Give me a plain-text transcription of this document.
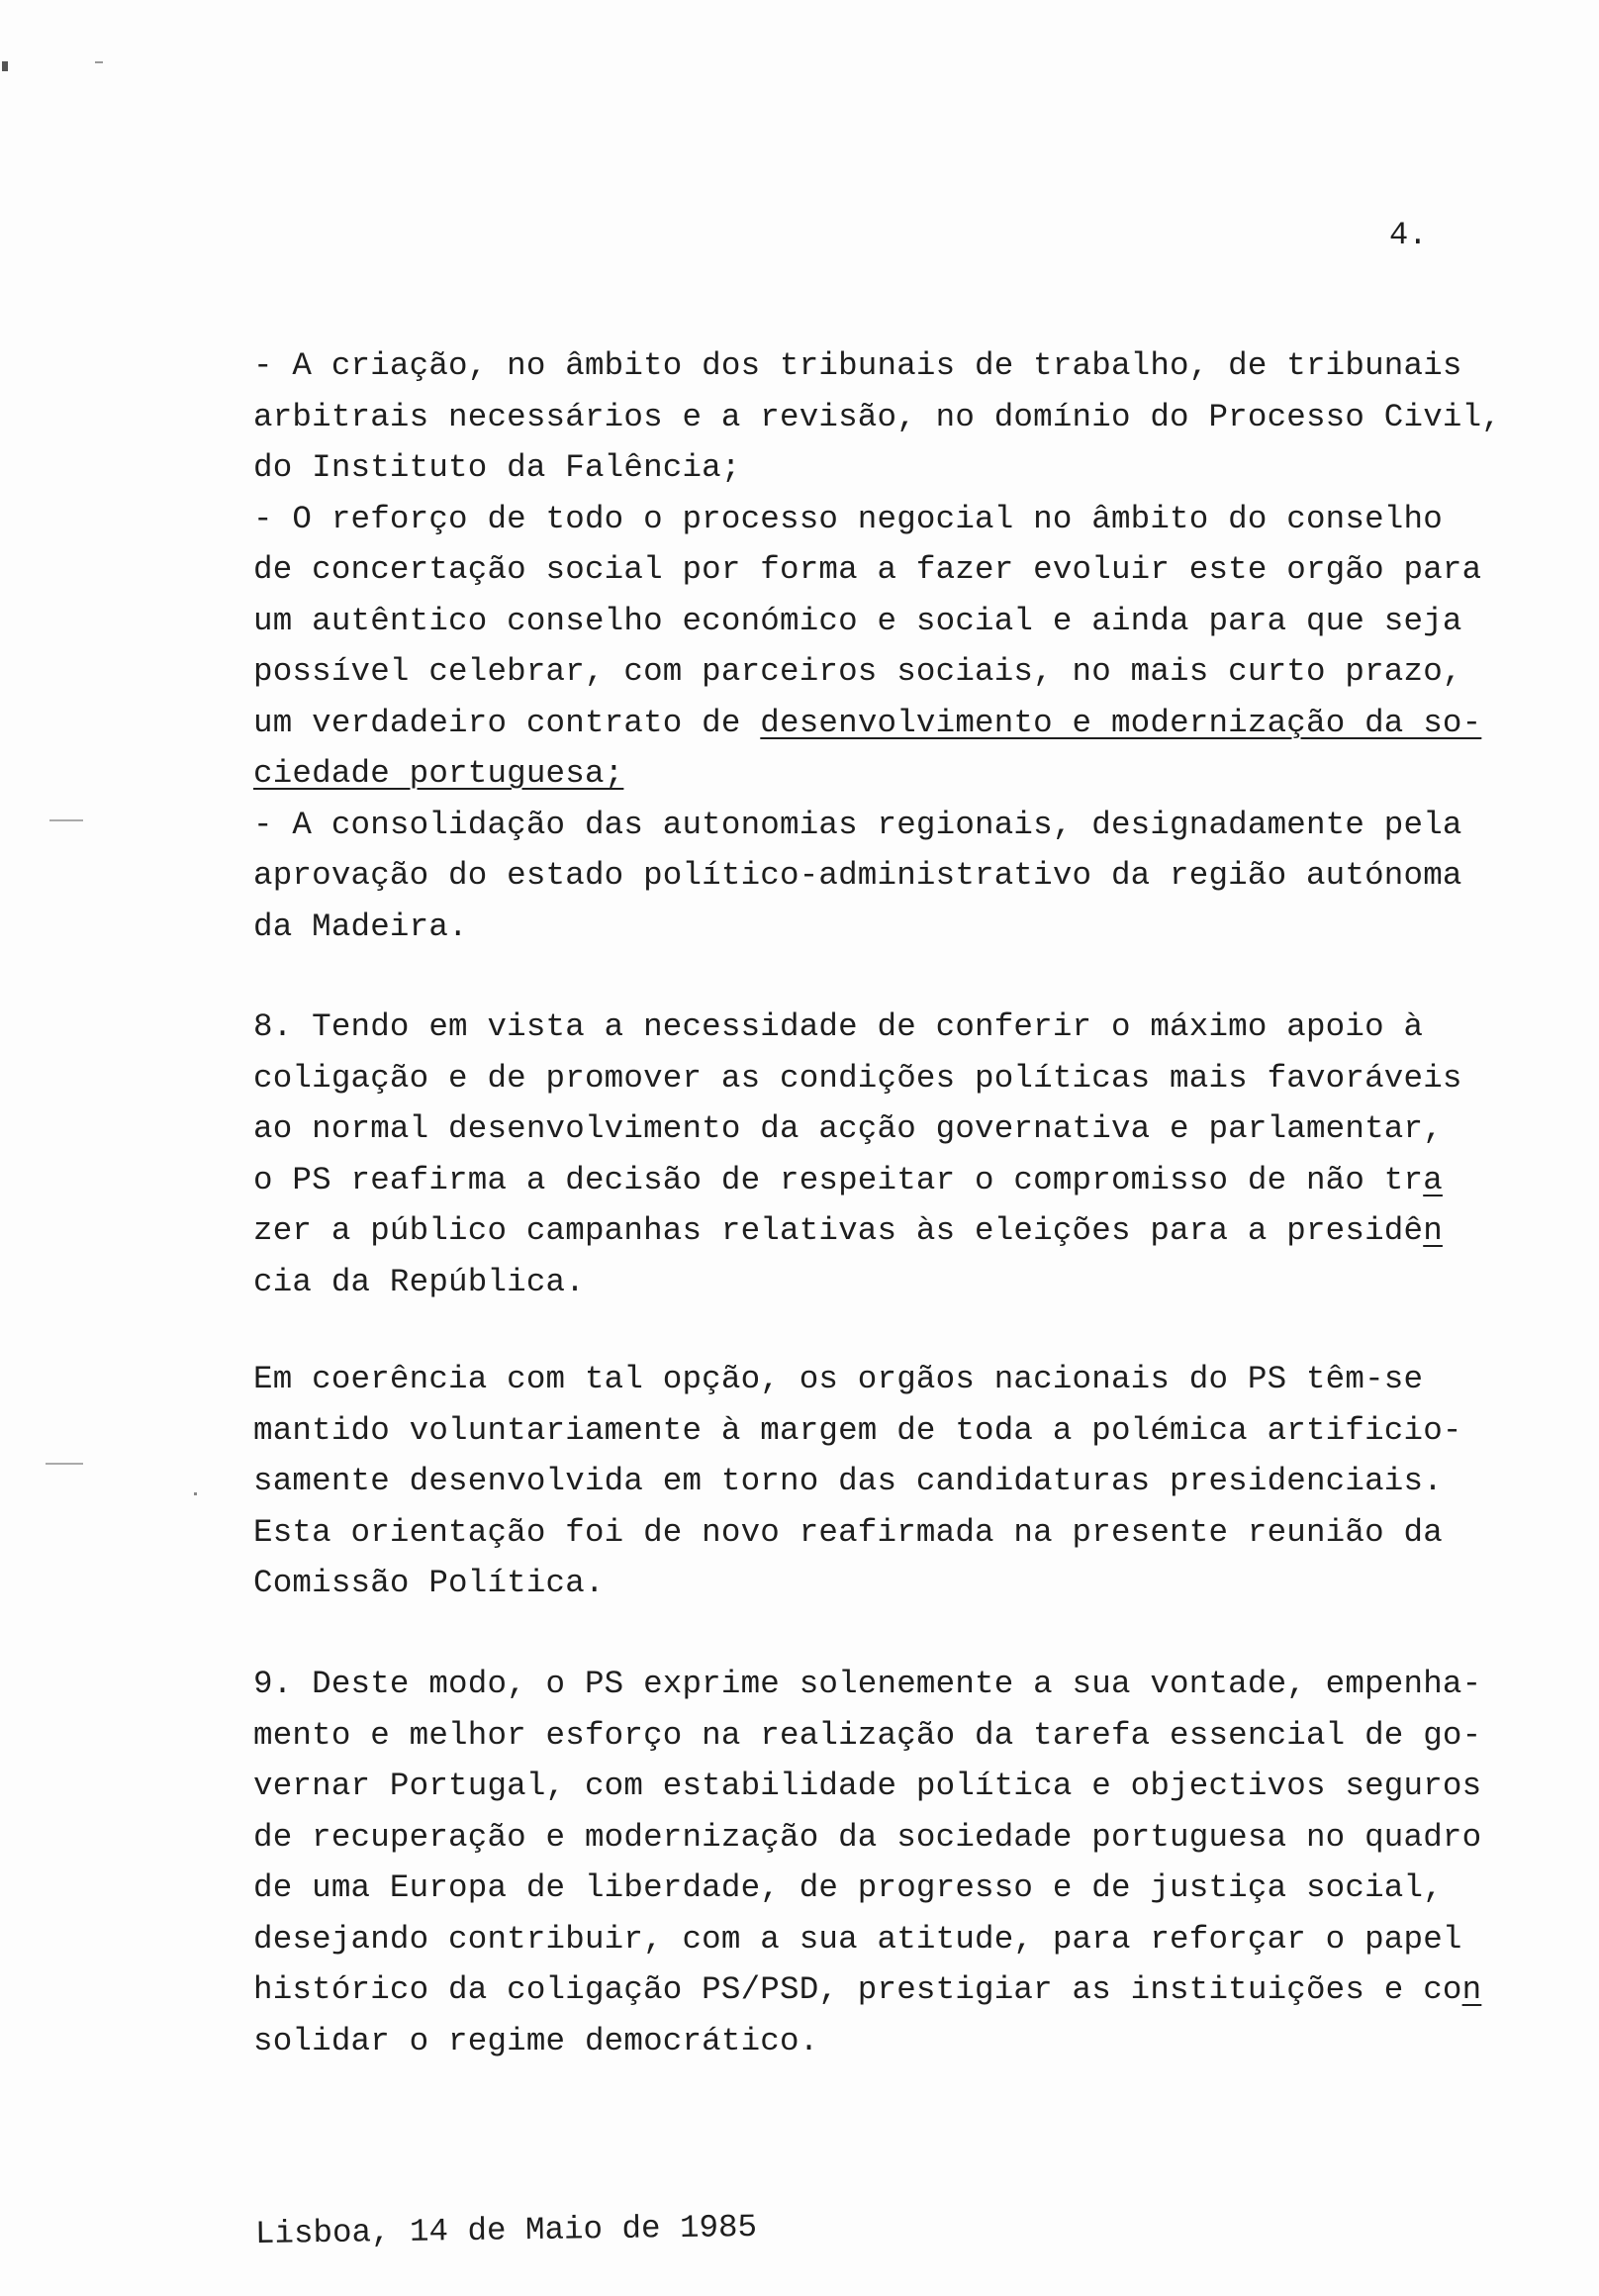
4.
- A criação, no âmbito dos tribunais de trabalho, de tribunais
arbitrais necessários e a revisão, no domínio do Processo Civil,
do Instituto da Falência;
- O reforço de todo o processo negocial no âmbito do conselho
de concertação social por forma a fazer evoluir este orgão para
um autêntico conselho económico e social e ainda para que seja
possível celebrar, com parceiros sociais, no mais curto prazo,
um verdadeiro contrato de desenvolvimento e modernização da so-
ciedade portuguesa;
- A consolidação das autonomias regionais, designadamente pela
aprovação do estado político-administrativo da região autónoma
da Madeira.
8. Tendo em vista a necessidade de conferir o máximo apoio à
coligação e de promover as condições políticas mais favoráveis
ao normal desenvolvimento da acção governativa e parlamentar,
o PS reafirma a decisão de respeitar o compromisso de não tra
zer a público campanhas relativas às eleições para a presidên
cia da República.
Em coerência com tal opção, os orgãos nacionais do PS têm-se
mantido voluntariamente à margem de toda a polémica artificio-
samente desenvolvida em torno das candidaturas presidenciais.
Esta orientação foi de novo reafirmada na presente reunião da
Comissão Política.
9. Deste modo, o PS exprime solenemente a sua vontade, empenha-
mento e melhor esforço na realização da tarefa essencial de go-
vernar Portugal, com estabilidade política e objectivos seguros
de recuperação e modernização da sociedade portuguesa no quadro
de uma Europa de liberdade, de progresso e de justiça social,
desejando contribuir, com a sua atitude, para reforçar o papel
histórico da coligação PS/PSD, prestigiar as instituições e con
solidar o regime democrático.
Lisboa, 14 de Maio de 1985
